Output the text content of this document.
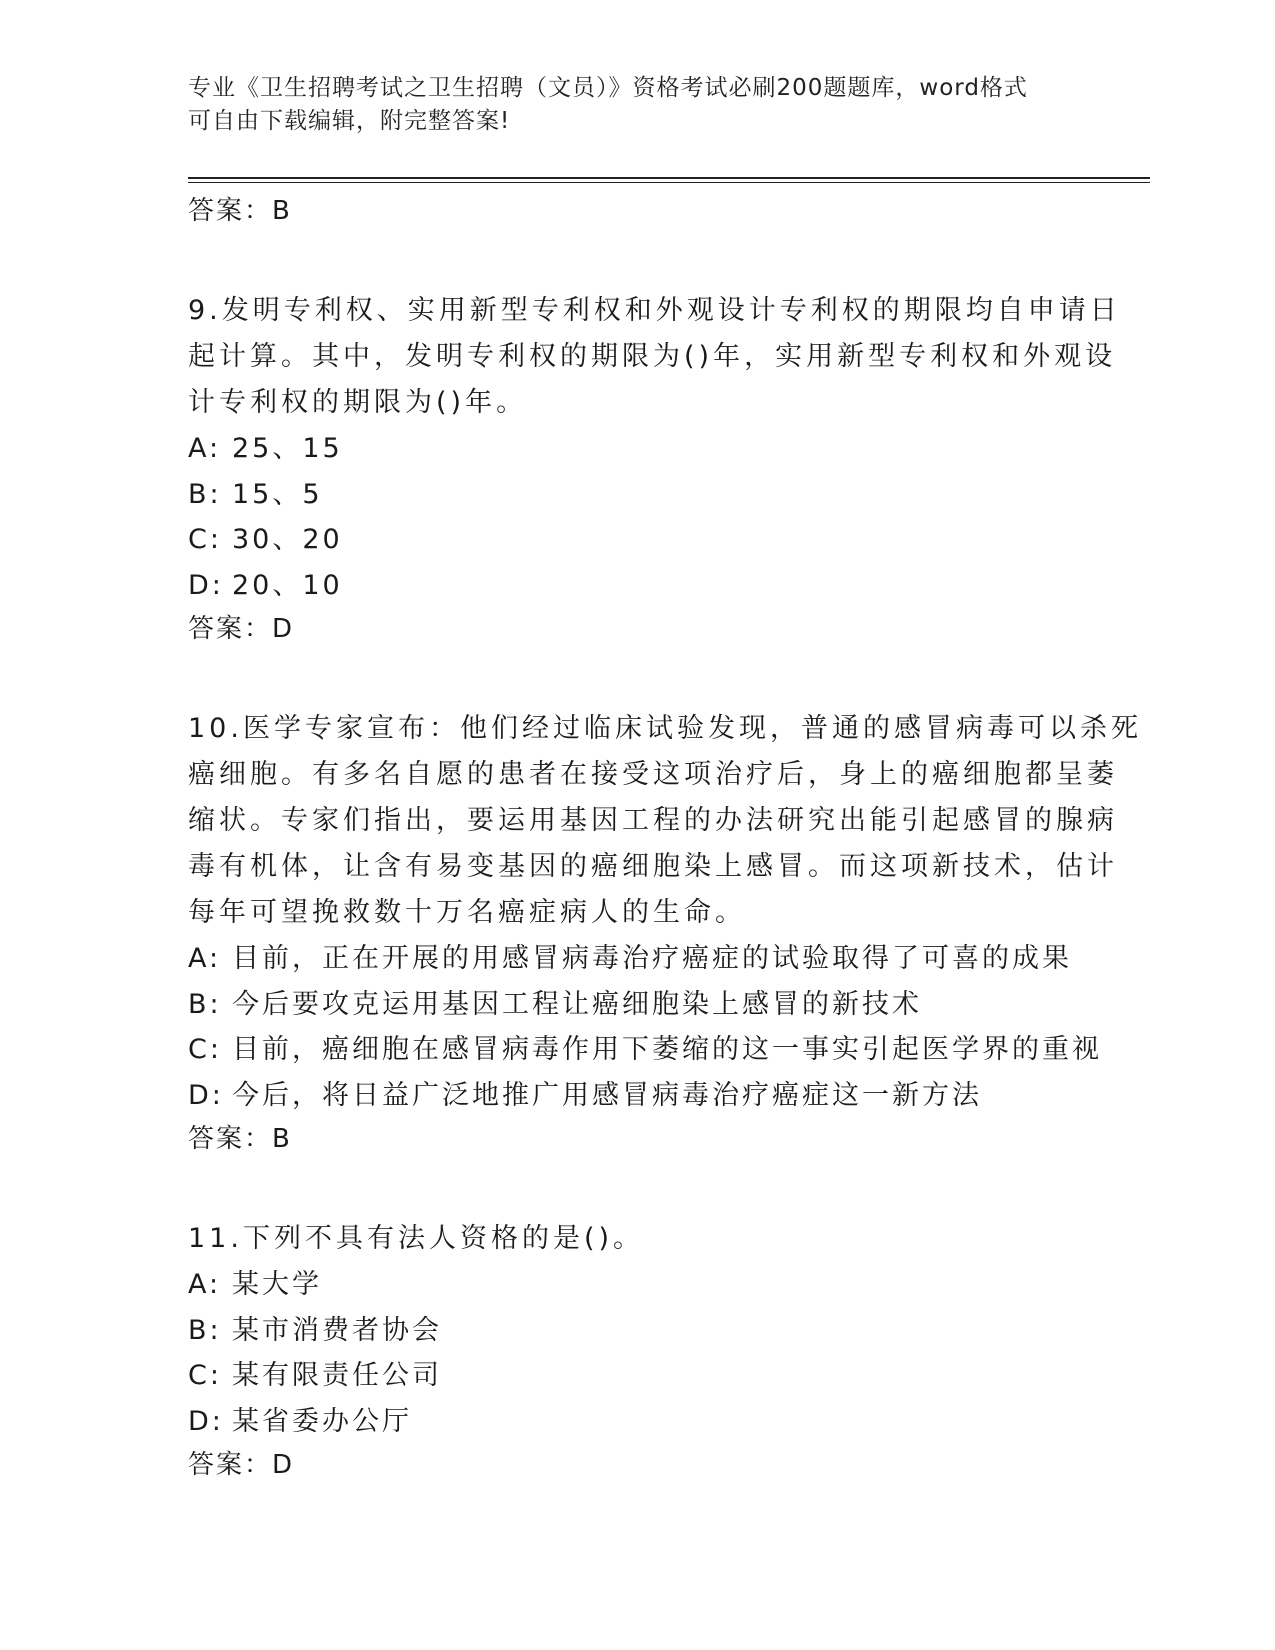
专业《卫生招聘考试之卫生招聘（文员）》资格考试必刷200题题库，word格式
可自由下载编辑，附完整答案!
答案：B
9.发明专利权、实用新型专利权和外观设计专利权的期限均自申请日
起计算。其中，发明专利权的期限为()年，实用新型专利权和外观设
计专利权的期限为()年。
A: 25、15
B: 15、5
C: 30、20
D: 20、10
答案：D
10.医学专家宣布：他们经过临床试验发现，普通的感冒病毒可以杀死
癌细胞。有多名自愿的患者在接受这项治疗后，身上的癌细胞都呈萎
缩状。专家们指出，要运用基因工程的办法研究出能引起感冒的腺病
毒有机体，让含有易变基因的癌细胞染上感冒。而这项新技术，估计
每年可望挽救数十万名癌症病人的生命。
A: 目前，正在开展的用感冒病毒治疗癌症的试验取得了可喜的成果
B: 今后要攻克运用基因工程让癌细胞染上感冒的新技术
C: 目前，癌细胞在感冒病毒作用下萎缩的这一事实引起医学界的重视
D: 今后，将日益广泛地推广用感冒病毒治疗癌症这一新方法
答案：B
11.下列不具有法人资格的是()。
A: 某大学
B: 某市消费者协会
C: 某有限责任公司
D: 某省委办公厅
答案：D
